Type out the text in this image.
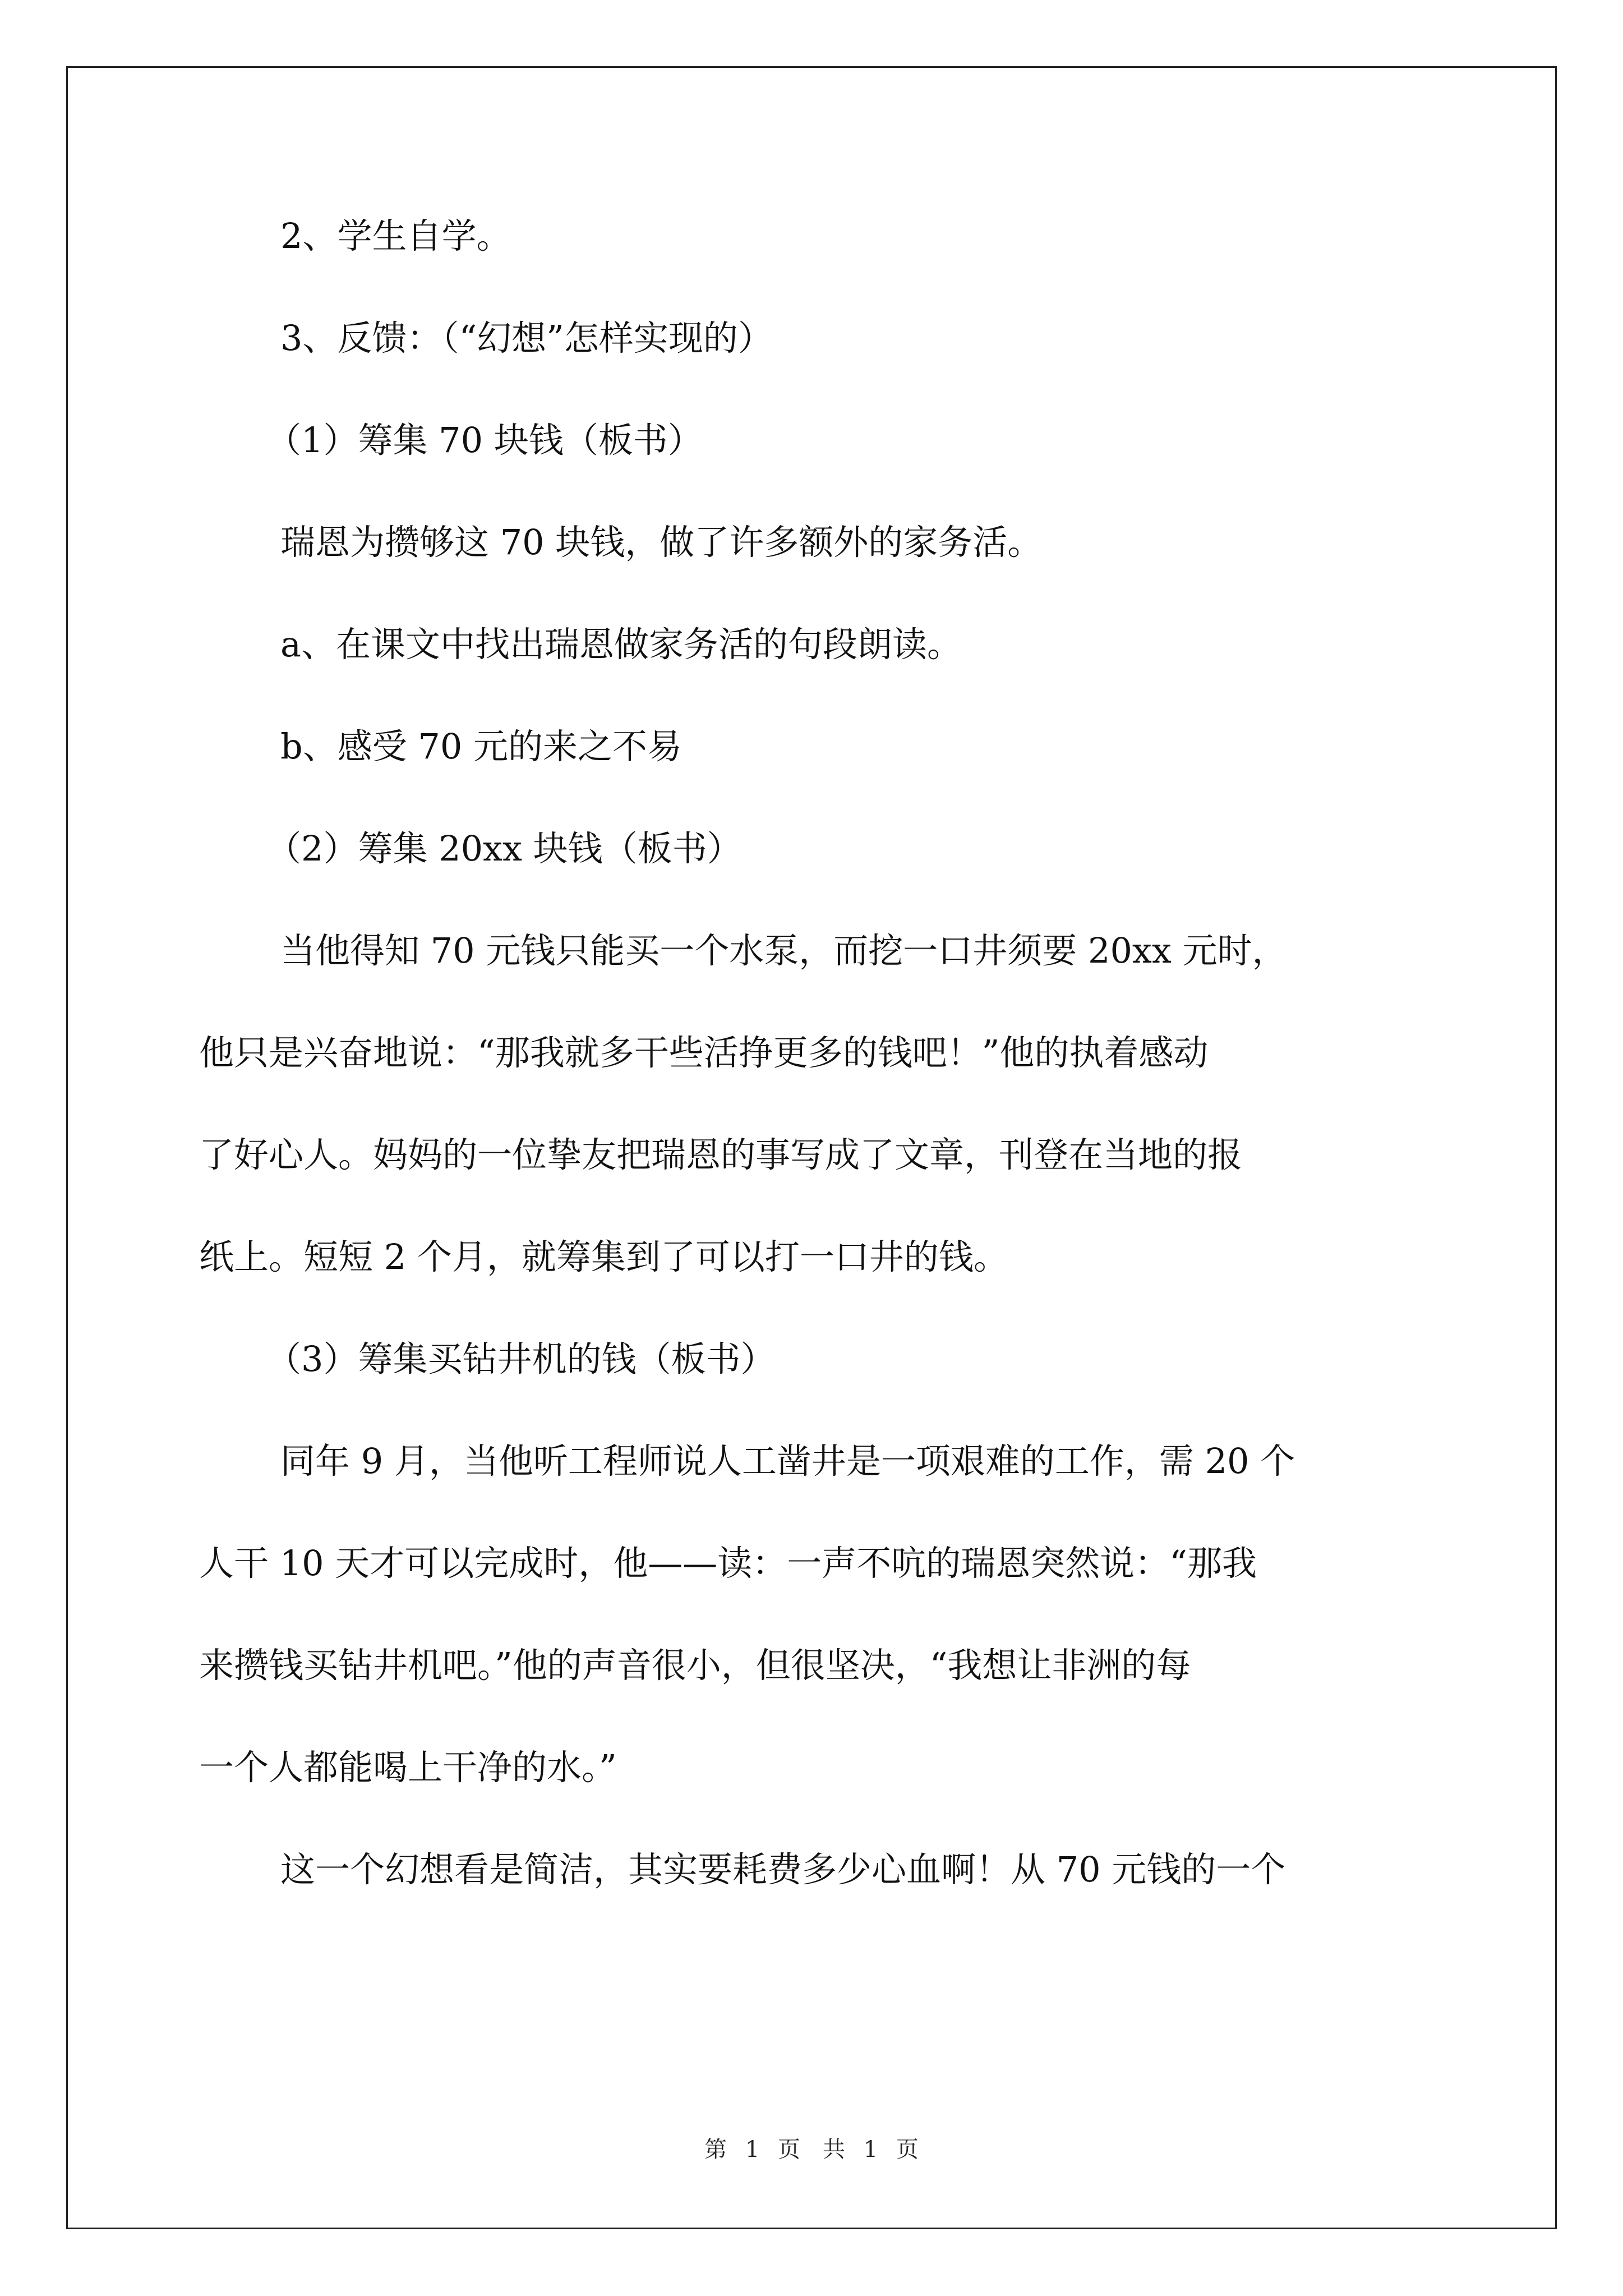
2、学生自学。
3、反馈：（“幻想”怎样实现的）
（1）筹集 70 块钱（板书）
瑞恩为攒够这 70 块钱，做了许多额外的家务活。
a、在课文中找出瑞恩做家务活的句段朗读。
b、感受 70 元的来之不易
（2）筹集 20xx 块钱（板书）
当他得知 70 元钱只能买一个水泵，而挖一口井须要 20xx 元时，
他只是兴奋地说：“那我就多干些活挣更多的钱吧！”他的执着感动
了好心人。妈妈的一位挚友把瑞恩的事写成了文章，刊登在当地的报
纸上。短短 2 个月，就筹集到了可以打一口井的钱。
（3）筹集买钻井机的钱（板书）
同年 9 月，当他听工程师说人工凿井是一项艰难的工作，需 20 个
人干 10 天才可以完成时，他——读：一声不吭的瑞恩突然说：“那我
来攒钱买钻井机吧。”他的声音很小，但很坚决，“我想让非洲的每
一个人都能喝上干净的水。”
这一个幻想看是简洁，其实要耗费多少心血啊！从 70 元钱的一个
第 1 页　共 1 页
